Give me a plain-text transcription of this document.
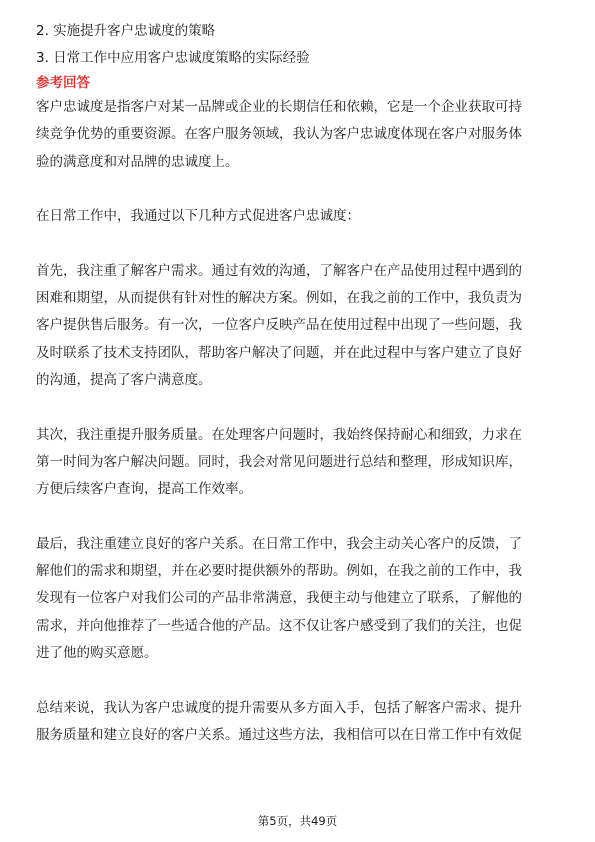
2. 实施提升客户忠诚度的策略

3. 日常工作中应用客户忠诚度策略的实际经验

参考回答

客户忠诚度是指客户对某一品牌或企业的长期信任和依赖，它是一个企业获取可持
续竞争优势的重要资源。在客户服务领域，我认为客户忠诚度体现在客户对服务体
验的满意度和对品牌的忠诚度上。

在日常工作中，我通过以下几种方式促进客户忠诚度：

首先，我注重了解客户需求。通过有效的沟通，了解客户在产品使用过程中遇到的
困难和期望，从而提供有针对性的解决方案。例如，在我之前的工作中，我负责为
客户提供售后服务。有一次，一位客户反映产品在使用过程中出现了一些问题，我
及时联系了技术支持团队，帮助客户解决了问题，并在此过程中与客户建立了良好
的沟通，提高了客户满意度。

其次，我注重提升服务质量。在处理客户问题时，我始终保持耐心和细致，力求在
第一时间为客户解决问题。同时，我会对常见问题进行总结和整理，形成知识库，
方便后续客户查询，提高工作效率。

最后，我注重建立良好的客户关系。在日常工作中，我会主动关心客户的反馈，了
解他们的需求和期望，并在必要时提供额外的帮助。例如，在我之前的工作中，我
发现有一位客户对我们公司的产品非常满意，我便主动与他建立了联系，了解他的
需求，并向他推荐了一些适合他的产品。这不仅让客户感受到了我们的关注，也促
进了他的购买意愿。

总结来说，我认为客户忠诚度的提升需要从多方面入手，包括了解客户需求、提升
服务质量和建立良好的客户关系。通过这些方法，我相信可以在日常工作中有效促

第5页，共49页
